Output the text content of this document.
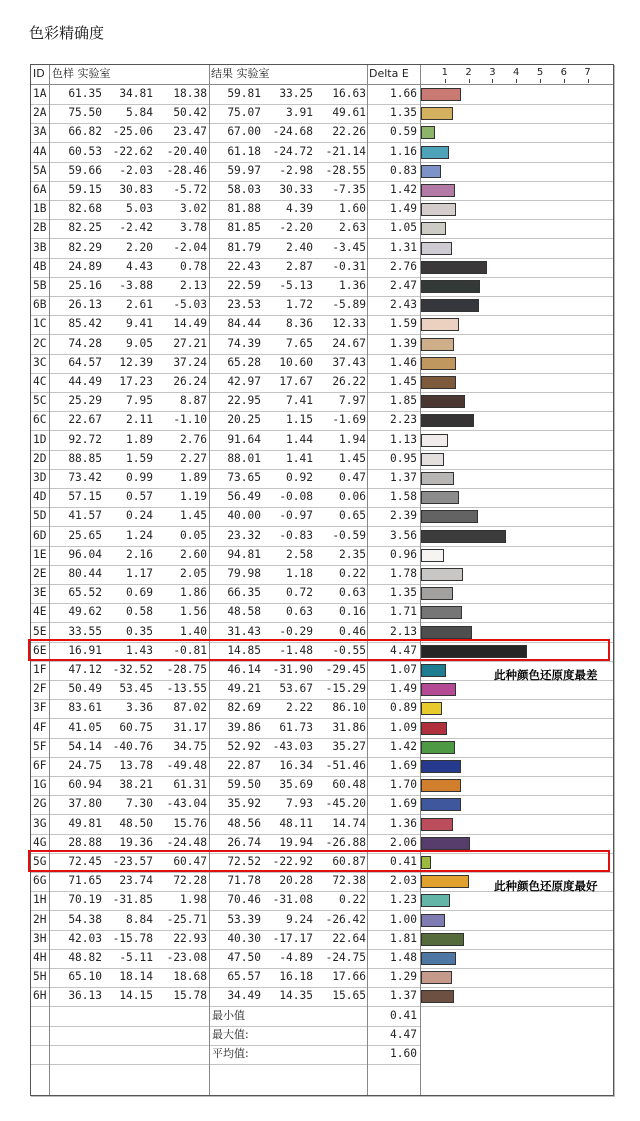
色彩精确度
ID 色样 实验室	结果 实验室	Delta E	1 2 3 4 5 6 7
1A	61.35	34.81	18.38	59.81	33.25	16.63	1.66
2A	75.50	5.84	50.42	75.07	3.91	49.61	1.35
3A	66.82 -25.06	23.47	67.00	-24.68	22.26	0.59
4A	60.53 -22.62	-20.40	61.18	-24.72	-21.14	1.16
5A	59.66	-2.03	-28.46	59.97	-2.98	-28.55	0.83
6A	59.15	30.83	-5.72	58.03	30.33	-7.35	1.42
1B	82.68	5.03	3.02	81.88	4.39	1.60	1.49
2B	82.25	-2.42	3.78	81.85	-2.20	2.63	1.05
3B	82.29	2.20	-2.04	81.79	2.40	-3.45	1.31
4B	24.89	4.43	0.78	22.43	2.87	-0.31	2.76
5B	25.16	-3.88	2.13	22.59	-5.13	1.36	2.47
6B	26.13	2.61	-5.03	23.53	1.72	-5.89	2.43
1C	85.42	9.41	14.49	84.44	8.36	12.33	1.59
2C	74.28	9.05	27.21	74.39	7.65	24.67	1.39
3C	64.57	12.39	37.24	65.28	10.60	37.43	1.46
4C	44.49	17.23	26.24	42.97	17.67	26.22	1.45
5C	25.29	7.95	8.87	22.95	7.41	7.97	1.85
6C	22.67	2.11	-1.10	20.25	1.15	-1.69	2.23
1D	92.72	1.89	2.76	91.64	1.44	1.94	1.13
2D	88.85	1.59	2.27	88.01	1.41	1.45	0.95
3D	73.42	0.99	1.89	73.65	0.92	0.47	1.37
4D	57.15	0.57	1.19	56.49	-0.08	0.06	1.58
5D	41.57	0.24	1.45	40.00	-0.97	0.65	2.39
6D	25.65	1.24	0.05	23.32	-0.83	-0.59	3.56
1E	96.04	2.16	2.60	94.81	2.58	2.35	0.96
2E	80.44	1.17	2.05	79.98	1.18	0.22	1.78
3E	65.52	0.69	1.86	66.35	0.72	0.63	1.35
4E	49.62	0.58	1.56	48.58	0.63	0.16	1.71
5E	33.55	0.35	1.40	31.43	-0.29	0.46	2.13
6E	16.91	1.43	-0.81	14.85	-1.48	-0.55	4.47
1F	47.12 -32.52	-28.75	46.14	-31.90	-29.45	1.07
2F	50.49	53.45	-13.55	49.21	53.67	-15.29	1.49
3F	83.61	3.36	87.02	82.69	2.22	86.10	0.89
4F	41.05	60.75	31.17	39.86	61.73	31.86	1.09
5F	54.14 -40.76	34.75	52.92	-43.03	35.27	1.42
6F	24.75	13.78	-49.48	22.87	16.34	-51.46	1.69
1G	60.94	38.21	61.31	59.50	35.69	60.48	1.70
2G	37.80	7.30	-43.04	35.92	7.93	-45.20	1.69
3G	49.81	48.50	15.76	48.56	48.11	14.74	1.36
4G	28.88	19.36	-24.48	26.74	19.94	-26.88	2.06
5G	72.45 -23.57	60.47	72.52	-22.92	60.87	0.41
6G	71.65	23.74	72.28	71.78	20.28	72.38	2.03
1H	70.19 -31.85	1.98	70.46	-31.08	0.22	1.23
2H	54.38	8.84	-25.71	53.39	9.24	-26.42	1.00
3H	42.03 -15.78	22.93	40.30	-17.17	22.64	1.81
4H	48.82	-5.11	-23.08	47.50	-4.89	-24.75	1.48
5H	65.10	18.14	18.68	65.57	16.18	17.66	1.29
6H	36.13	14.15	15.78	34.49	14.35	15.65	1.37
最小值	0.41
最大值:	4.47
平均值:	1.60
此种颜色还原度最差
此种颜色还原度最好
